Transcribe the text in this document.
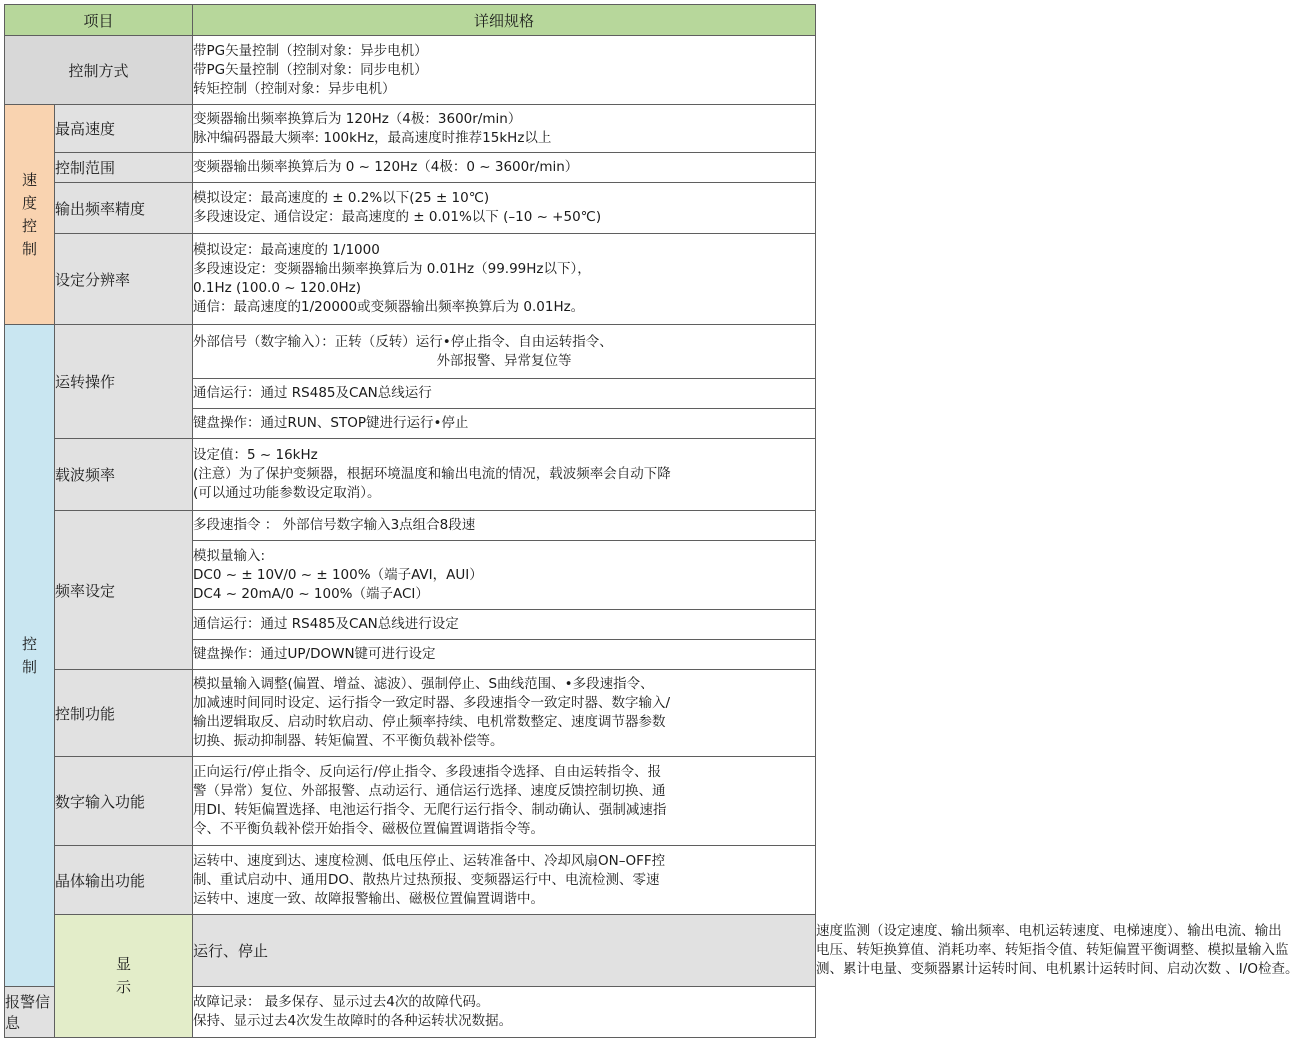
项目		详细规格	
控制方式		带PG矢量控制（控制对象：异步电机）
带PG矢量控制（控制对象：同步电机）
转矩控制（控制对象：异步电机）	

速
度
控
制	最高速度	变频器输出频率换算后为 120Hz（4极：3600r/min）
脉冲编码器最大频率: 100kHz，最高速度时推荐15kHz以上	

	控制范围	变频器输出频率换算后为 0 ~ 120Hz（4极：0 ~ 3600r/min）	

	输出频率精度	模拟设定：最高速度的 ± 0.2%以下(25 ± 10℃)
多段速设定、通信设定：最高速度的 ± 0.01%以下 (–10 ~ +50℃)	

	设定分辨率	模拟设定：最高速度的 1/1000
多段速设定：变频器输出频率换算后为 0.01Hz（99.99Hz以下），
0.1Hz (100.0 ~ 120.0Hz)
通信：最高速度的1/20000或变频器输出频率换算后为 0.01Hz。	

控
制	运转操作	外部信号（数字输入）：正转（反转）运行•停止指令、自由运转指令、
外部报警、异常复位等	

		通信运行：通过 RS485及CAN总线运行	
		键盘操作：通过RUN、STOP键进行运行•停止	
	载波频率	设定值：5 ~ 16kHz
(注意）为了保护变频器，根据环境温度和输出电流的情况，载波频率会自动下降
(可以通过功能参数设定取消）。	

	频率设定	多段速指令 ： 外部信号数字输入3点组合8段速	

		模拟量输入:
DC0 ~ ± 10V/0 ~ ± 100%（端子AVI，AUI）
DC4 ~ 20mA/0 ~ 100%（端子ACI）	

		通信运行：通过 RS485及CAN总线进行设定	
		键盘操作：通过UP/DOWN键可进行设定	
	控制功能	模拟量输入调整(偏置、增益、滤波）、强制停止、S曲线范围、•多段速指令、
加减速时间同时设定、运行指令一致定时器、多段速指令一致定时器、数字输入/
输出逻辑取反、启动时软启动、停止频率持续、电机常数整定、速度调节器参数
切换、振动抑制器、转矩偏置、不平衡负载补偿等。	

	数字输入功能	正向运行/停止指令、反向运行/停止指令、多段速指令选择、自由运转指令、报
警（异常）复位、外部报警、点动运行、通信运行选择、速度反馈控制切换、通
用DI、转矩偏置选择、电池运行指令、无爬行运行指令、制动确认、强制减速指
令、不平衡负载补偿开始指令、磁极位置偏置调谐指令等。	

	晶体输出功能	运转中、速度到达、速度检测、低电压停止、运转准备中、冷却风扇ON–OFF控
制、重试启动中、通用DO、散热片过热预报、变频器运行中、电流检测、零速
运转中、速度一致、故障报警输出、磁极位置偏置调谐中。	

	显
示	运行、停止	速度监测（设定速度、输出频率、电机运转速度、电梯速度）、输出电流、输出
电压、转矩换算值、消耗功率、转矩指令值、转矩偏置平衡调整、模拟量输入监
测、累计电量、变频器累计运转时间、电机累计运转时间、启动次数 、I/O检查。

报警信息		故障记录： 最多保存、显示过去4次的故障代码。
保持、显示过去4次发生故障时的各种运转状况数据。	
